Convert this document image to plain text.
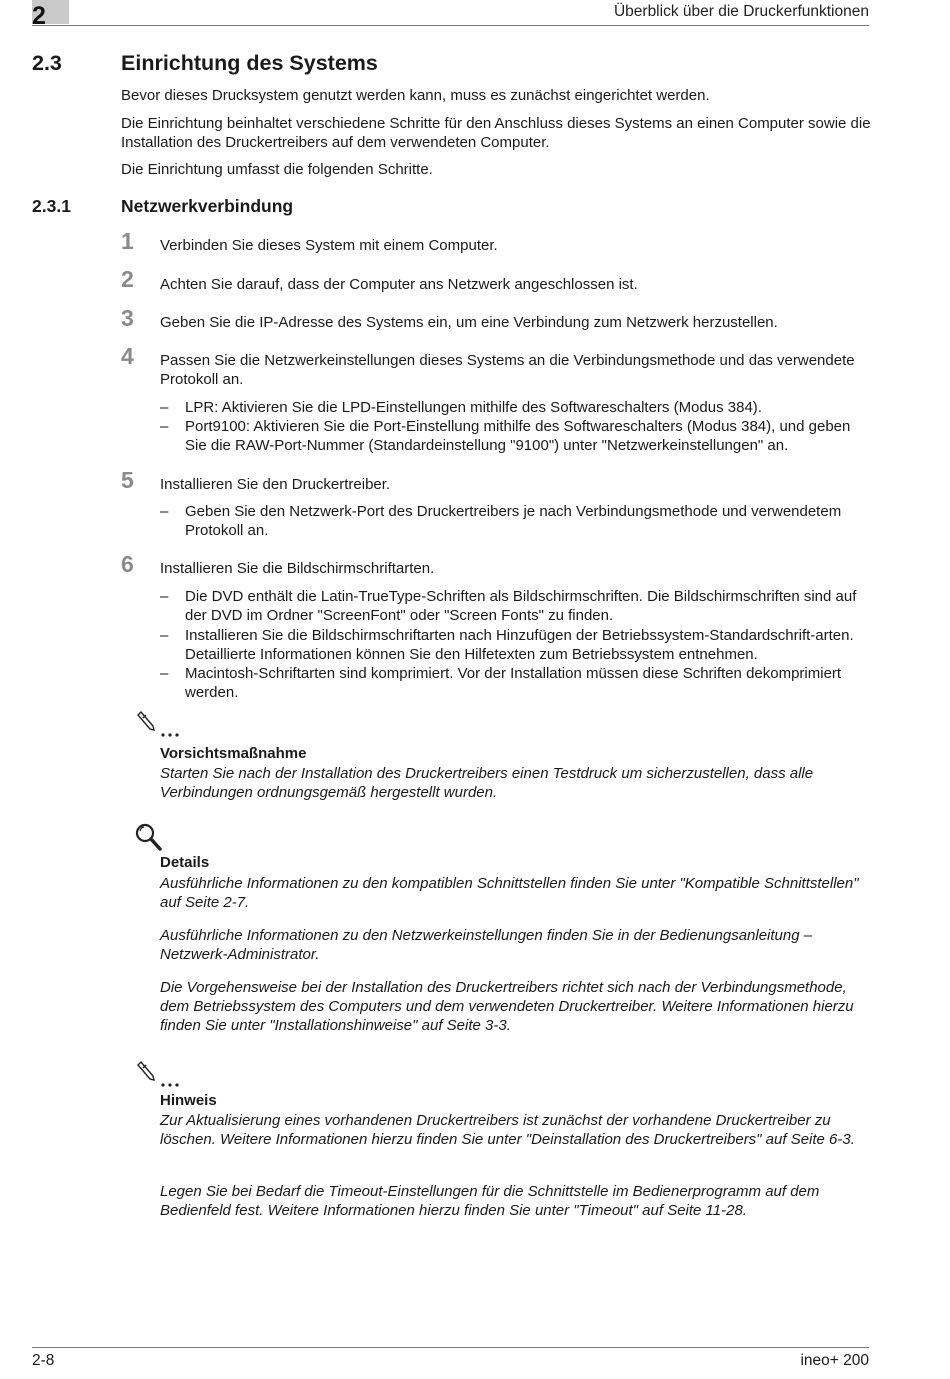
2	Überblick über die Druckerfunktionen
2.3	Einrichtung des Systems
Bevor dieses Drucksystem genutzt werden kann, muss es zunächst eingerichtet werden.
Die Einrichtung beinhaltet verschiedene Schritte für den Anschluss dieses Systems an einen Computer sowie die Installation des Druckertreibers auf dem verwendeten Computer.
Die Einrichtung umfasst die folgenden Schritte.
2.3.1	Netzwerkverbindung
1 Verbinden Sie dieses System mit einem Computer.
2 Achten Sie darauf, dass der Computer ans Netzwerk angeschlossen ist.
3 Geben Sie die IP-Adresse des Systems ein, um eine Verbindung zum Netzwerk herzustellen.
4 Passen Sie die Netzwerkeinstellungen dieses Systems an die Verbindungsmethode und das verwendete Protokoll an.
– LPR: Aktivieren Sie die LPD-Einstellungen mithilfe des Softwareschalters (Modus 384).
– Port9100: Aktivieren Sie die Port-Einstellung mithilfe des Softwareschalters (Modus 384), und geben Sie die RAW-Port-Nummer (Standardeinstellung "9100") unter "Netzwerkeinstellungen" an.
5 Installieren Sie den Druckertreiber.
– Geben Sie den Netzwerk-Port des Druckertreibers je nach Verbindungsmethode und verwendetem Protokoll an.
6 Installieren Sie die Bildschirmschriftarten.
– Die DVD enthält die Latin-TrueType-Schriften als Bildschirmschriften. Die Bildschirmschriften sind auf der DVD im Ordner "ScreenFont" oder "Screen Fonts" zu finden.
– Installieren Sie die Bildschirmschriftarten nach Hinzufügen der Betriebssystem-Standardschrift-arten. Detaillierte Informationen können Sie den Hilfetexten zum Betriebssystem entnehmen.
– Macintosh-Schriftarten sind komprimiert. Vor der Installation müssen diese Schriften dekomprimiert werden.
Vorsichtsmaßnahme
Starten Sie nach der Installation des Druckertreibers einen Testdruck um sicherzustellen, dass alle Verbindungen ordnungsgemäß hergestellt wurden.
Details
Ausführliche Informationen zu den kompatiblen Schnittstellen finden Sie unter "Kompatible Schnittstellen" auf Seite 2-7.
Ausführliche Informationen zu den Netzwerkeinstellungen finden Sie in der Bedienungsanleitung – Netzwerk-Administrator.
Die Vorgehensweise bei der Installation des Druckertreibers richtet sich nach der Verbindungsmethode, dem Betriebssystem des Computers und dem verwendeten Druckertreiber. Weitere Informationen hierzu finden Sie unter "Installationshinweise" auf Seite 3-3.
Hinweis
Zur Aktualisierung eines vorhandenen Druckertreibers ist zunächst der vorhandene Druckertreiber zu löschen. Weitere Informationen hierzu finden Sie unter "Deinstallation des Druckertreibers" auf Seite 6-3.
Legen Sie bei Bedarf die Timeout-Einstellungen für die Schnittstelle im Bedienerprogramm auf dem Bedienfeld fest. Weitere Informationen hierzu finden Sie unter "Timeout" auf Seite 11-28.
2-8	ineo+ 200
